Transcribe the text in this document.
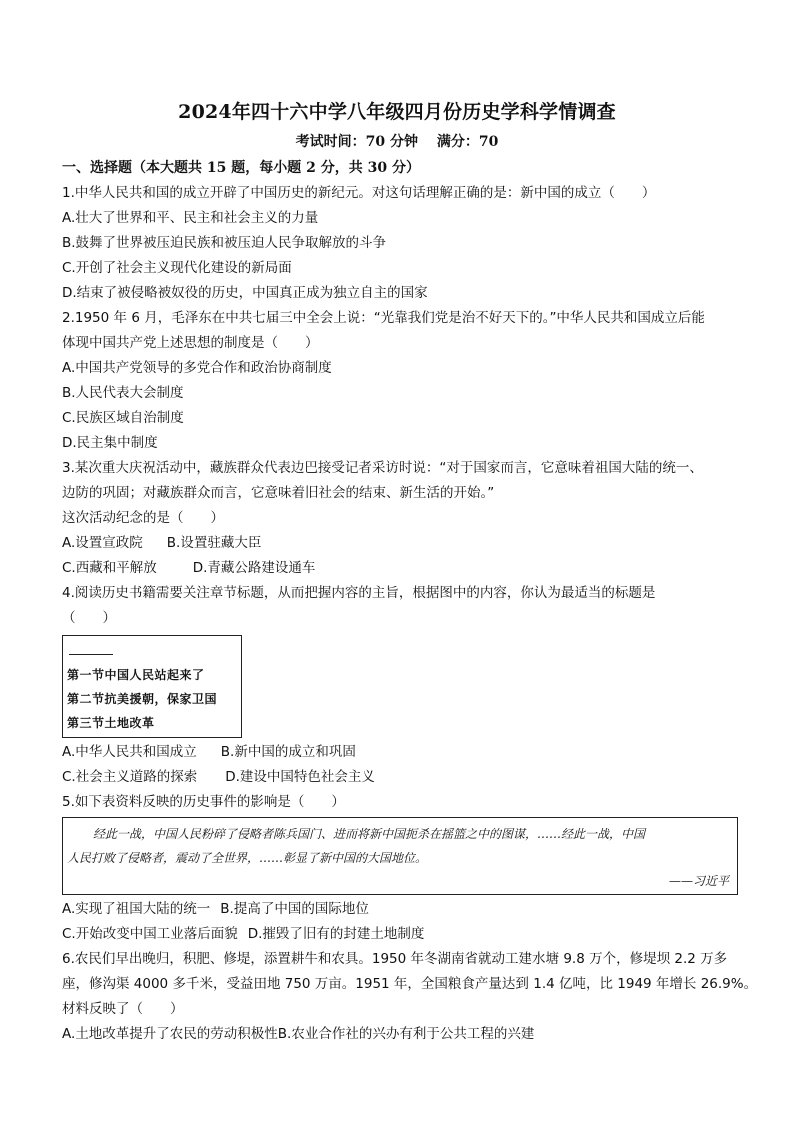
2024年四十六中学八年级四月份历史学科学情调查
考试时间：70 分钟　 满分：70
一、选择题（本大题共 15 题，每小题 2 分，共 30 分）
1.中华人民共和国的成立开辟了中国历史的新纪元。对这句话理解正确的是：新中国的成立（　　）
A.壮大了世界和平、民主和社会主义的力量
B.鼓舞了世界被压迫民族和被压迫人民争取解放的斗争
C.开创了社会主义现代化建设的新局面
D.结束了被侵略被奴役的历史，中国真正成为独立自主的国家
2.1950 年 6 月，毛泽东在中共七届三中全会上说：“光靠我们党是治不好天下的。”中华人民共和国成立后能
体现中国共产党上述思想的制度是（　　）
A.中国共产党领导的多党合作和政治协商制度
B.人民代表大会制度
C.民族区域自治制度
D.民主集中制度
3.某次重大庆祝活动中，藏族群众代表边巴接受记者采访时说：“对于国家而言，它意味着祖国大陆的统一、
边防的巩固；对藏族群众而言，它意味着旧社会的结束、新生活的开始。”
这次活动纪念的是（　　）
A.设置宣政院 B.设置驻藏大臣
C.西藏和平解放	D.青藏公路建设通车
4.阅读历史书籍需要关注章节标题，从而把握内容的主旨，根据图中的内容，你认为最适当的标题是
（　　）
第一节中国人民站起来了
第二节抗美援朝，保家卫国
第三节土地改革
A.中华人民共和国成立 B.新中国的成立和巩固
C.社会主义道路的探索 D.建设中国特色社会主义
5.如下表资料反映的历史事件的影响是（　　）
经此一战，中国人民粉碎了侵略者陈兵国门、进而将新中国扼杀在摇篮之中的图谋，……经此一战，中国
人民打败了侵略者，震动了全世界，……彰显了新中国的大国地位。
——习近平
A.实现了祖国大陆的统一 B.提高了中国的国际地位
C.开始改变中国工业落后面貌 D.摧毁了旧有的封建土地制度
6.农民们早出晚归，积肥、修堤，添置耕牛和农具。1950 年冬湖南省就动工建水塘 9.8 万个，修堤坝 2.2 万多
座，修沟渠 4000 多千米，受益田地 750 万亩。1951 年，全国粮食产量达到 1.4 亿吨，比 1949 年增长 26.9%。
材料反映了（　　）
A.土地改革提升了农民的劳动积极性B.农业合作社的兴办有利于公共工程的兴建
